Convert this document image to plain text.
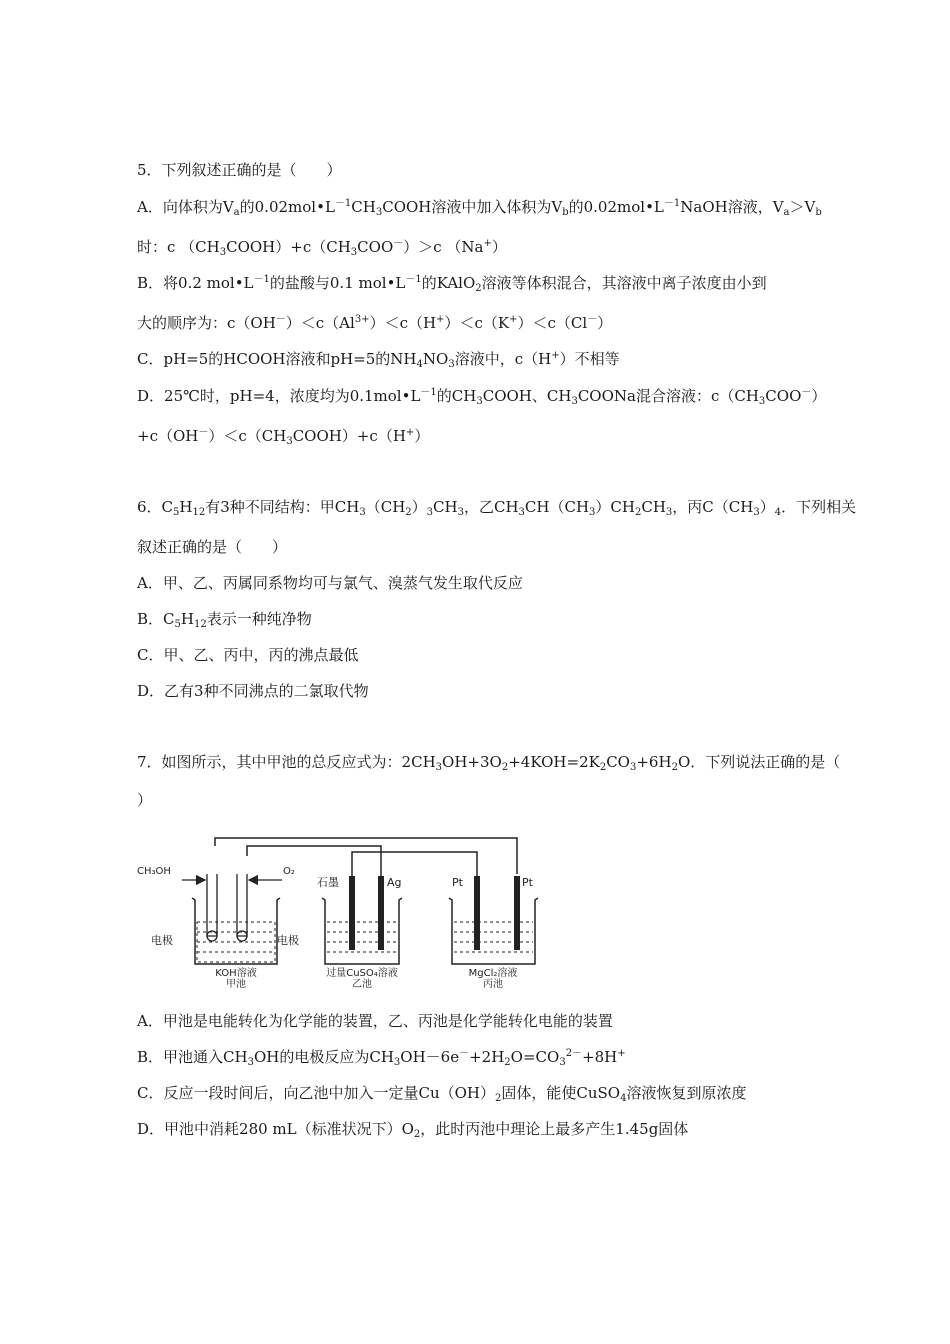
5．下列叙述正确的是（　　）
A．向体积为$V_a$的$0.02mol•L^{-1}CH_3COOH$溶液中加入体积为$V_b$的$0.02mol•L^{-1}NaOH$溶液，$V_a>V_b$
时：c $(CH_3COOH)+c(CH_3COO^-)>c$ （Na+）
B．将0.2 $mol•L^{-1}$的盐酸与0.1 $mol•L^{-1}$的KAlO$_2$溶液等体积混合，其溶液中离子浓度由小到
大的顺序为：$c(OH^-)<c(Al^{3+})<c(H^+)<c(K^+)<c(Cl^-)$
C．pH=5的HCOOH溶液和pH=5的$NH_4NO_3$溶液中，c（H+）不相等
D．25℃时，pH=4，浓度均为$0.1mol•L^{-1}$的$CH_3COOH$、$CH_3COONa$混合溶液：$c(CH_3COO^-)$
$+c(OH^-)<c(CH_3COOH)+c(H^+)$
6．$C_5H_{12}$有3种不同结构：甲$CH_3(CH_2)_3CH_3$，乙$CH_3CH(CH_3)CH_2CH_3$，丙$C(CH_3)_4$．下列相关
叙述正确的是（　　）
A．甲、乙、丙属同系物均可与氯气、溴蒸气发生取代反应
B．$C_5H_{12}$表示一种纯净物
C．甲、乙、丙中，丙的沸点最低
D．乙有3种不同沸点的二氯取代物
7．如图所示，其中甲池的总反应式为：$2CH_3OH+3O_2+4KOH=2K_2CO_3+6H_2O$．下列说法正确的是（
）
CH₃OH	O₂
电极	电极
石墨	Ag	Pt	Pt
KOH溶液
甲池
过量CuSO₄溶液
乙池
MgCl₂溶液
丙池
A．甲池是电能转化为化学能的装置，乙、丙池是化学能转化电能的装置
B．甲池通入$CH_3OH$的电极反应为$CH_3OH-6e^-+2H_2O=CO_3^{2-}+8H^+$
C．反应一段时间后，向乙池中加入一定量$Cu(OH)_2$固体，能使CuSO$_4$溶液恢复到原浓度
D．甲池中消耗280 mL（标准状况下）$O_2$，此时丙池中理论上最多产生1.45g固体
